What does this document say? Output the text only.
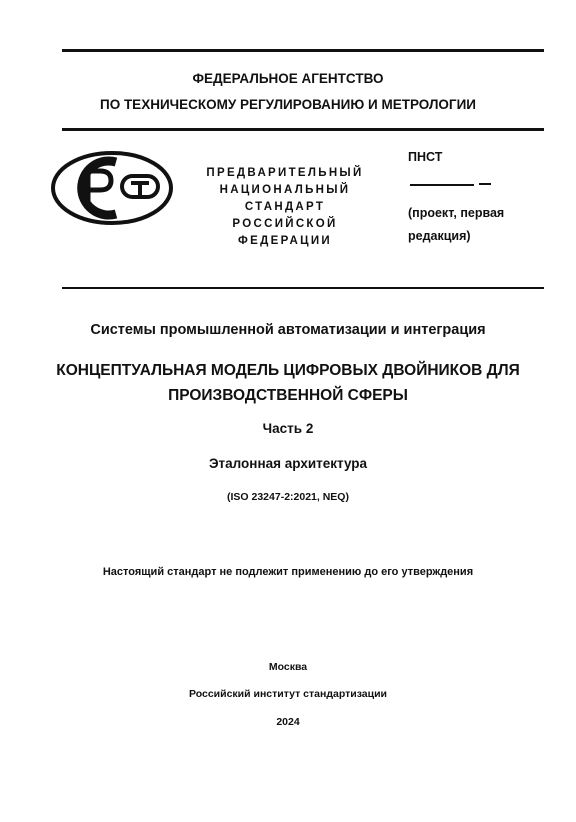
ФЕДЕРАЛЬНОЕ АГЕНТСТВО
ПО ТЕХНИЧЕСКОМУ РЕГУЛИРОВАНИЮ И МЕТРОЛОГИИ
ПРЕДВАРИТЕЛЬНЫЙ
НАЦИОНАЛЬНЫЙ
СТАНДАРТ
РОССИЙСКОЙ
ФЕДЕРАЦИИ
ПНСТ
(проект, первая
редакция)
Системы промышленной автоматизации и интеграция
КОНЦЕПТУАЛЬНАЯ МОДЕЛЬ ЦИФРОВЫХ ДВОЙНИКОВ ДЛЯ
ПРОИЗВОДСТВЕННОЙ СФЕРЫ
Часть 2
Эталонная архитектура
(ISO 23247-2:2021, NEQ)
Настоящий стандарт не подлежит применению до его утверждения
Москва
Российский институт стандартизации
2024
